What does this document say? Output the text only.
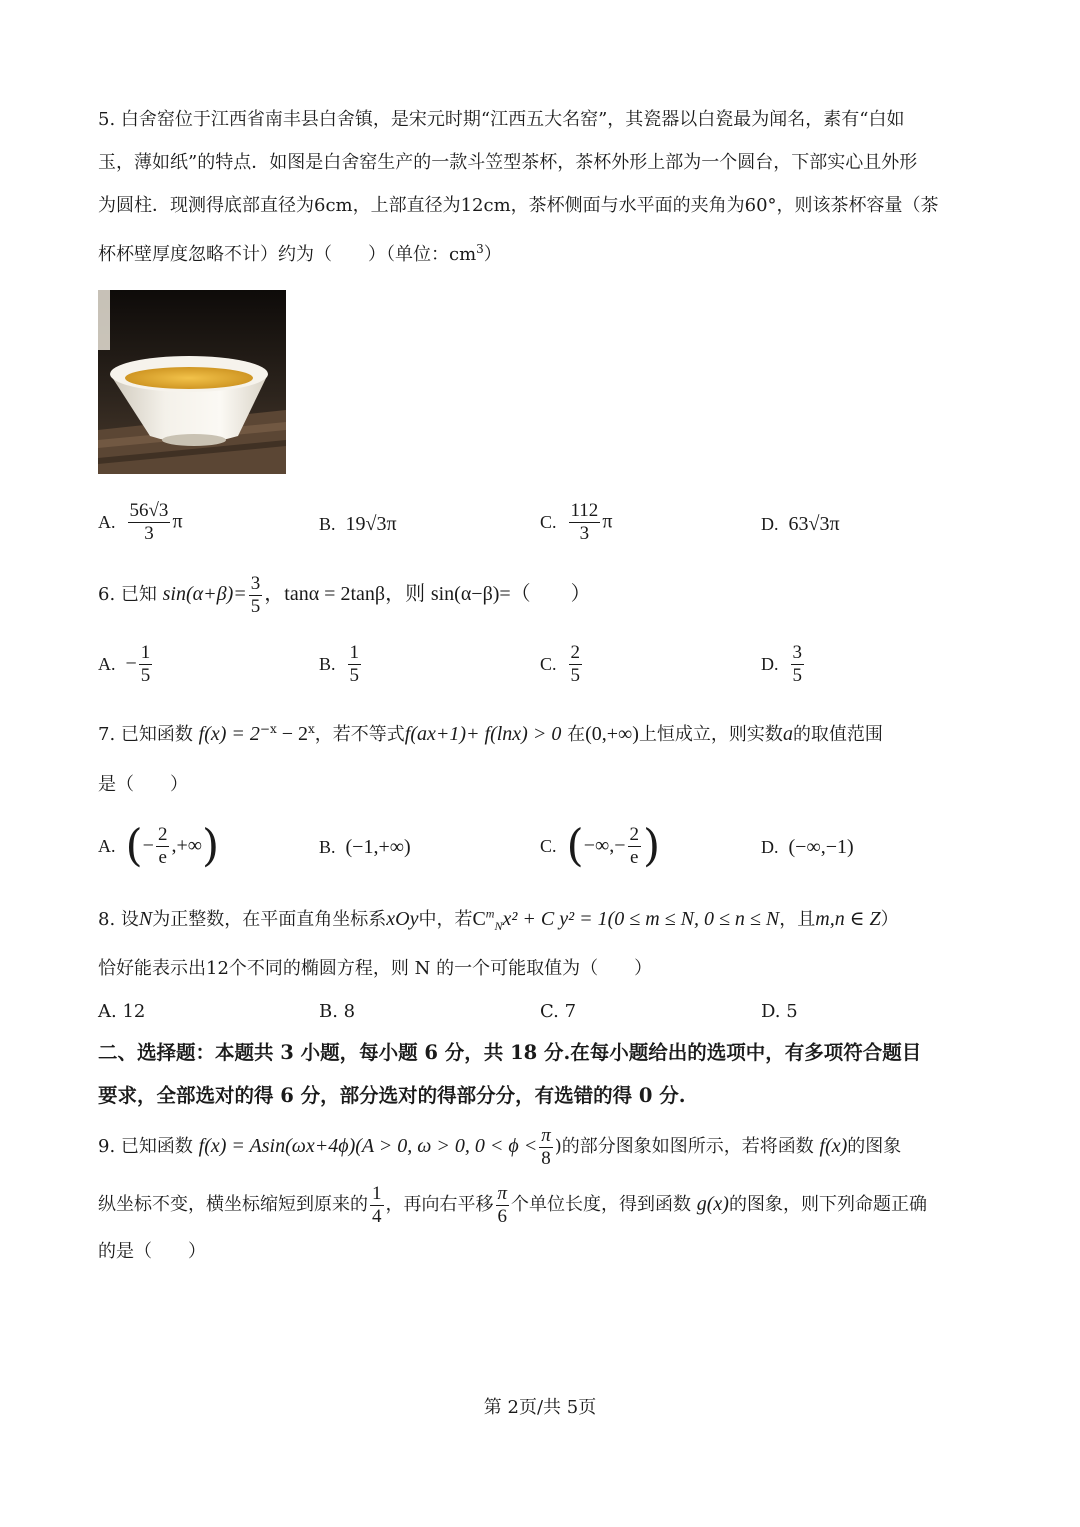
5. 白舍窑位于江西省南丰县白舍镇，是宋元时期“江西五大名窑”，其瓷器以白瓷最为闻名，素有“白如
玉，薄如纸”的特点．如图是白舍窑生产的一款斗笠型茶杯，茶杯外形上部为一个圆台，下部实心且外形
为圆柱．现测得底部直径为6cm，上部直径为12cm，茶杯侧面与水平面的夹角为60°，则该茶杯容量（茶
杯杯壁厚度忽略不计）约为（　　）（单位：$cm^3$）
A. $\frac{56√3}{3}$ π	B. 19√3π	C. $\frac{112}{3}$ π	D. 63√3π
6. 已知 $\sin(\alpha+\beta)= \frac{3}{5}$ ，tanα = 2tanβ，则 sin(α−β)=（　　）
A. − $\frac{1}{5}$	B. $\frac{1}{5}$	C. $\frac{2}{5}$	D. $\frac{3}{5}$
7. 已知函数 $f(x) = 2^{-x} - 2^x$，若不等式f(ax+1)+ f(lnx) > 0 在(0,+∞)上恒成立，则实数a的取值范围
是（　　）
A. (− $\frac{2}{e}$ ,+∞)	B. (−1,+∞)	C. (−∞,− $\frac{2}{e}$ )	D. (−∞,−1)
8. 设N为正整数，在平面直角坐标系xOy中，若$C^m_Nx^2 + C$ y² = 1(0 ≤ m ≤ N, 0 ≤ n ≤ N，且m,n ∈ Z）
恰好能表示出12个不同的椭圆方程，则 N 的一个可能取值为（　　）
A. 12	B. 8	C. 7	D. 5
二、选择题：本题共 3 小题，每小题 6 分，共 18 分.在每小题给出的选项中，有多项符合题目
要求，全部选对的得 6 分，部分选对的得部分分，有选错的得 0 分.
9. 已知函数 f(x) = Asin(ωx+4ϕ)(A > 0, ω > 0, $0 < \phi < \frac{\pi}{8}$ )的部分图象如图所示，若将函数 f(x)的图象
纵坐标不变，横坐标缩短到原来的 $\frac{1}{4}$ ，再向右平移 $\frac{\pi}{6}$ 个单位长度，得到函数 g(x)的图象，则下列命题正确
的是（　　）
第 2页/共 5页
